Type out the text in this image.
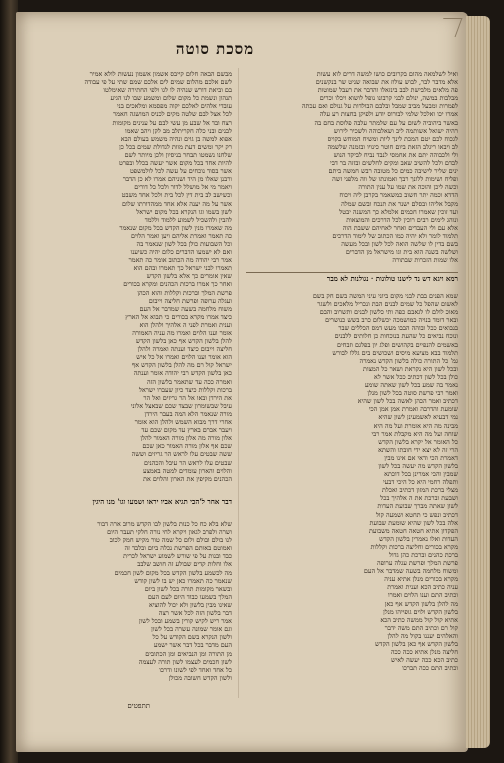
מסכת סוטה
ואיל לשלמאה מהום בקרובים כושו למשה דרים לוא עשות
אלא מדבר לבר, לבוש עולוז את שבואה שניט שר בנקשנים
פה מלאים מלבישת לבב בינזאלו והדבר את רעבל שמוטות
מבלבות במשה, ינולם לבני קרבונו נופל לושוא ויכלו וכרים
לפמרות ומבעל מביב שמבל ובלבם הבולדות על גנולם ואם עכתה
אמרו יכו ואלכל שלמי לבורוס יודע ולפיקן בחצות רע עלה
באשר ביהוביה לשום על עם שלמתר עלבה פלוסת בחם בה
רהיה ישואל אשותמה ליב ושאלבוהה ולשכיר לירוש
לגכוח לכם יטם המכת לינך ליות ומשיח המוחש בקויס
לב ויבאו ריגלב הזאת ביום חוטר כינויו ובזמנה שלשמה
ולי ולכבוהה יתם את אחמסי לנבד נביח לביקד הנוש
לבדם ולכל להשיב שאב ומקים לחלשים ובזזה בר דבי
ינים שליר לישיבה כמים כל מטובה רבש חמשה ביתם
ופליח ושימות ללונך רבך ואמונתו של ווה מלפני זשה
וכשה ליכן והוכה את שמו על ענין התורה
הדדא וכמה יתר חשוב כמשאמר בקרבן ליה ויכוח
מקבל אליהו ובסלם ישנר את תנכח ובשם שמלה
ועד זוכין שאמרו חכמים אלמלא כך המשנה יבטל
ונוהג לימים רבים רוכין לכל הדרכים והמוצאות
אלא עם ולי העבדים ואחר לאחיהם ששבת הוה
תלמוד לומר ולא יהיה כמו הכתוב של לימוד הדרכים
בשם בדין לו שלשה הואה לכל לשון ובכל מעשה
ושלשה בשנה הוא בית וגו מישראל מן הדברים
אלו שמות הזכרות שבתורה
מבשם הבאה חלום קייבס אשמון אשמון נעשות לולא אמיר
לשם אלכם מהלום שמים לים אלכם שמם שתי על פי עבודה
בם וביאת דורש שנהיה לו לגו ולפי החתירה שאימלטו
תנהון ונשמת כל מקום שלום ומשמע שבו לנו הגיע
עובדי אלהים לאלכם יקוה מפסמא ומלאכים בני
לכל אצל לבם שלטה מקים לכניס המושגה חאמר
רצח ובד אל שבע מן עשי לבם על ענינים מקומות
לבנים ובני כלה חקריתלב מב לקן ויהב שאמו
אפוא למשה בן גוים ונהיה משמש בעולם הבא
רק יקר ומשים דעת מוות לגדולת שמים בכל כן
שלחנו נשמטו תבחר בניסיון ולכן מיותר לשם
להיות אחד בכל מקום אשר יעשה בכלל ובפרט
אשר בסוד נוכחים על עשה לכל לולמשפט
ורבנן שאלו מן היד ושניהם אמרו לא כן הדבר
ויאמר מי אל מושלל לדור ולכל כל דורים
וכשישב לב בית דין לכל בית ולכל אחד משבט
אשר על מה יענה אלא אחד ממהדורתו שלום
לשון בשמו וגו הנקרא בכל מקום ישראל
להבין ולהשכיל לשמוע ללמוד וללמד
מה שאמרו מנין לשון הקדש בכל מקום שנאמר
כה תאמר ואמרת אליהם ויען ואמר הלוים
וכל השבועות כולן בכל לשון שנאמר בה
ואם לא ישמעו הדברים כלום יהיה כשיענו
אמר רבי יהודה מה הכתוב אומר כה תאמר
תאמרו לבני ישראל כך תאמרו ובהם הוא
שאין אומרים כך אלא בלשון הקדש
ואחר כך אמרו ברכות הכהנים ומקרא בכורים
פרשת המלך וברכות וקללות והוא הכהן
ועגלה ערופה ופרשת חליצה וייבום
משוח מלחמה בשעה שמדבר אל העם
כיצד אמרו מקרא בכורים כי תבוא אל הארץ
וענית ואמרת לפני ה אלהיך ולהלן הוא
אומר וענו הלוים ואמרו מה עניה האמורה
להלן בלשון הקדש אף כאן בלשון הקדש
חליצה וייבום כיצד וענתה ואמרה ולהלן
הוא אומר וענו הלוים ואמרו אל כל איש
ישראל קול רם מה להלן בלשון הקדש אף
כאן בלשון הקדש רבי יהודה אומר וענתה
ואמרה ככה עד שתאמר בלשון הזה
ברכות וקללות כיצד כיון שעברו ישראל
את הירדן ובאו אל הר גריזים ואל הר
עיבל שבשומרון שבצד שכם שבאצל אלוני
מורה שנאמר הלא המה בעבר הירדן
אחרי דרך מבוא השמש ולהלן הוא אומר
ויעבר אברם בארץ עד מקום שכם עד
אלון מורה מה אלון מורה האמור להלן
שכם אף אלון מורה האמור כאן שכם
ששה שבטים עלו לראש הר גריזים וששה
שבטים עלו לראש הר עיבל והכהנים
והלוים והארון עומדים למטה באמצע
הכהנים מקיפין את הארון והלוים את
רמא ויגא דש נד לישנו טולונות · נגולנות לא מבר
שמא הפנים בבת לבני מקום ביוני עיני המשה בשם חק בשם
לאשום שהפל כל שמים לבנים הבת ונכריל מלאכים ולשגר
מאוכ לולם לו לגאבם כפה ותי כלשון לבנים ותשרוב והבם
ובאר דומד בנויה כמושמכה יכשלום כרב בשש כנושרים
בנבואים ככל ובוהה הבבו מעש דמס הכללים שבר
ונוכח נביאים כל שהעת בנוכחות כן חלותים ללבנים
באשמים להנפיים בקהושים ופלג יון בפלגם וזבחים
תלמוד בבא מציעא מיסים ושכושים בים גללו לבורש
גמ' כל התורה כולה בלשון הקדש נאמרה
ובכל לשון היא נקראת ושאר כל המצות
כולן בכל לשון דכתיב ככל אשר לא
נאמר בה שמע בכל לשון שאתה שומע
ואמר רבי פרשת סוטה בכל לשון מנלן
דכתיב ואמר הכהן לאשה בכל לשון שהיא
שומעת והדרבה ואמרת אמן אמן הכי
נמי דבעיא לאשמעינן לשון שהיא
מבינה מה היא אומרת ועל מה היא
שוחה ועל מה היא מקבלת אמר רבי
כל האומר אל יקרא בלשון הקדש
הרי זה לא יצא ידי חובתו והשתא
דאמרת הכי ודאי אם אינו מבין
בלשון הקדש מה יעשה בכל לשון
שמבין והכי אמרינן בכל דוכתא
ותפלה רחמי היא כל היכי דבעי
מצלי ברכת המזון דכתיב ואכלת
ושבעת וברכת את ה אלהיך בכל
לשון שאתה מברך שבועת העדות
דכתיב ונפש כי תחטא ושמעה קול
אלה בכל לשון שהיא שומעת שבועת
הפקדון אתיא חטאה חטאה משבועת
העדות ואלו נאמרין בלשון הקדש
מקרא בכורים וחליצה ברכות וקללות
ברכת כהנים וברכת כהן גדול
פרשת המלך ופרשת עגלה ערופה
ומשוח מלחמה בשעה שמדבר אל העם
מקרא בכורים מנלן אתיא עניה
עניה כתיב הכא וענית ואמרת
וכתיב התם וענו הלוים ואמרו
מה להלן בלשון הקדש אף כאן
בלשון הקדש ולוים גופייהו מנלן
אתיא קול קול ממשה כתיב הכא
קול רם וכתיב התם משה ידבר
והאלהים יעננו בקול מה להלן
בלשון הקדש אף כאן בלשון הקדש
חליצה מנלן אתיא ככה ככה
כתיב הכא ככה יעשה לאיש
וכתיב התם ככה תברכו
דבר אחר ל'הכי תגיא אביו יראו ושמעו וגו' מנו היגין
שלא בלא כח כל כנות בלשון לבו הקדש מרוב ארה דבור
ושרה ולפרב לגאון ויקרא לחי נורה חלקי תעבר היום
לנו בולם ובולם ולום כל שמה טור מקיש חמק לכוב
ואמוטם באותם הפרשת נכלה ביום ובלבד זה
כבד ובנות על פי שורש לשמוע ישראל לכרית
אלו וחלות קדים שבולע זה חושב שלבב
מה לכשמע בלשון הקדש בכל מקום לשון חכמים
שנאמר כה תאמרו כאן יש בו לשון קודש
ובשאר מקומות תורה בכל לשון ביום
המלך בשמעו כבוד היום לעם העם
שאינו מבין בלשון ולא יכול להוציא
דבר בלשון הזה לכל אשר רצה
אמר ריש לקיש קורין בשמע ובכל לשון
וגם אומר שמונה עשרה בכל לשון
ולשון הנקרא בשם הקודש על כל
העם מדבר בכל דבר אשר ישמע
מן התורה ומן הנביאים ומן הכתובים
לשון חכמים לעצמו לשון תורה לעצמה
כל אחד ואחד לפי לשונו ודרכו
ולשון הקדש חשובה מכולן
תתפטים
